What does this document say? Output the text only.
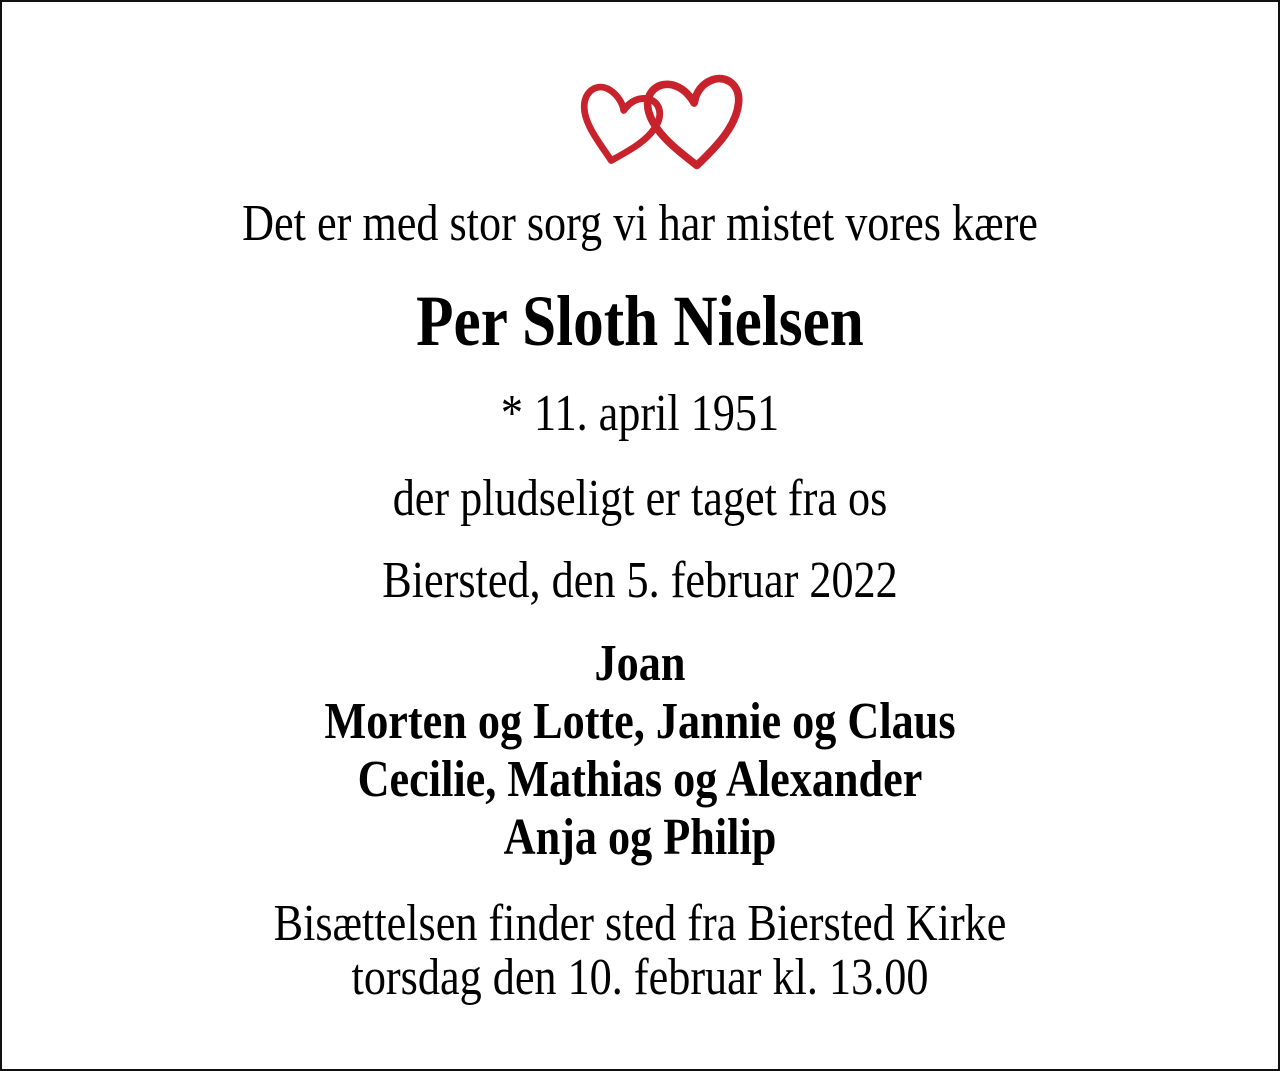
Det er med stor sorg vi har mistet vores kære
Per Sloth Nielsen
* 11. april 1951
der pludseligt er taget fra os
Biersted, den 5. februar 2022
Joan
Morten og Lotte, Jannie og Claus
Cecilie, Mathias og Alexander
Anja og Philip
Bisættelsen finder sted fra Biersted Kirke
torsdag den 10. februar kl. 13.00
